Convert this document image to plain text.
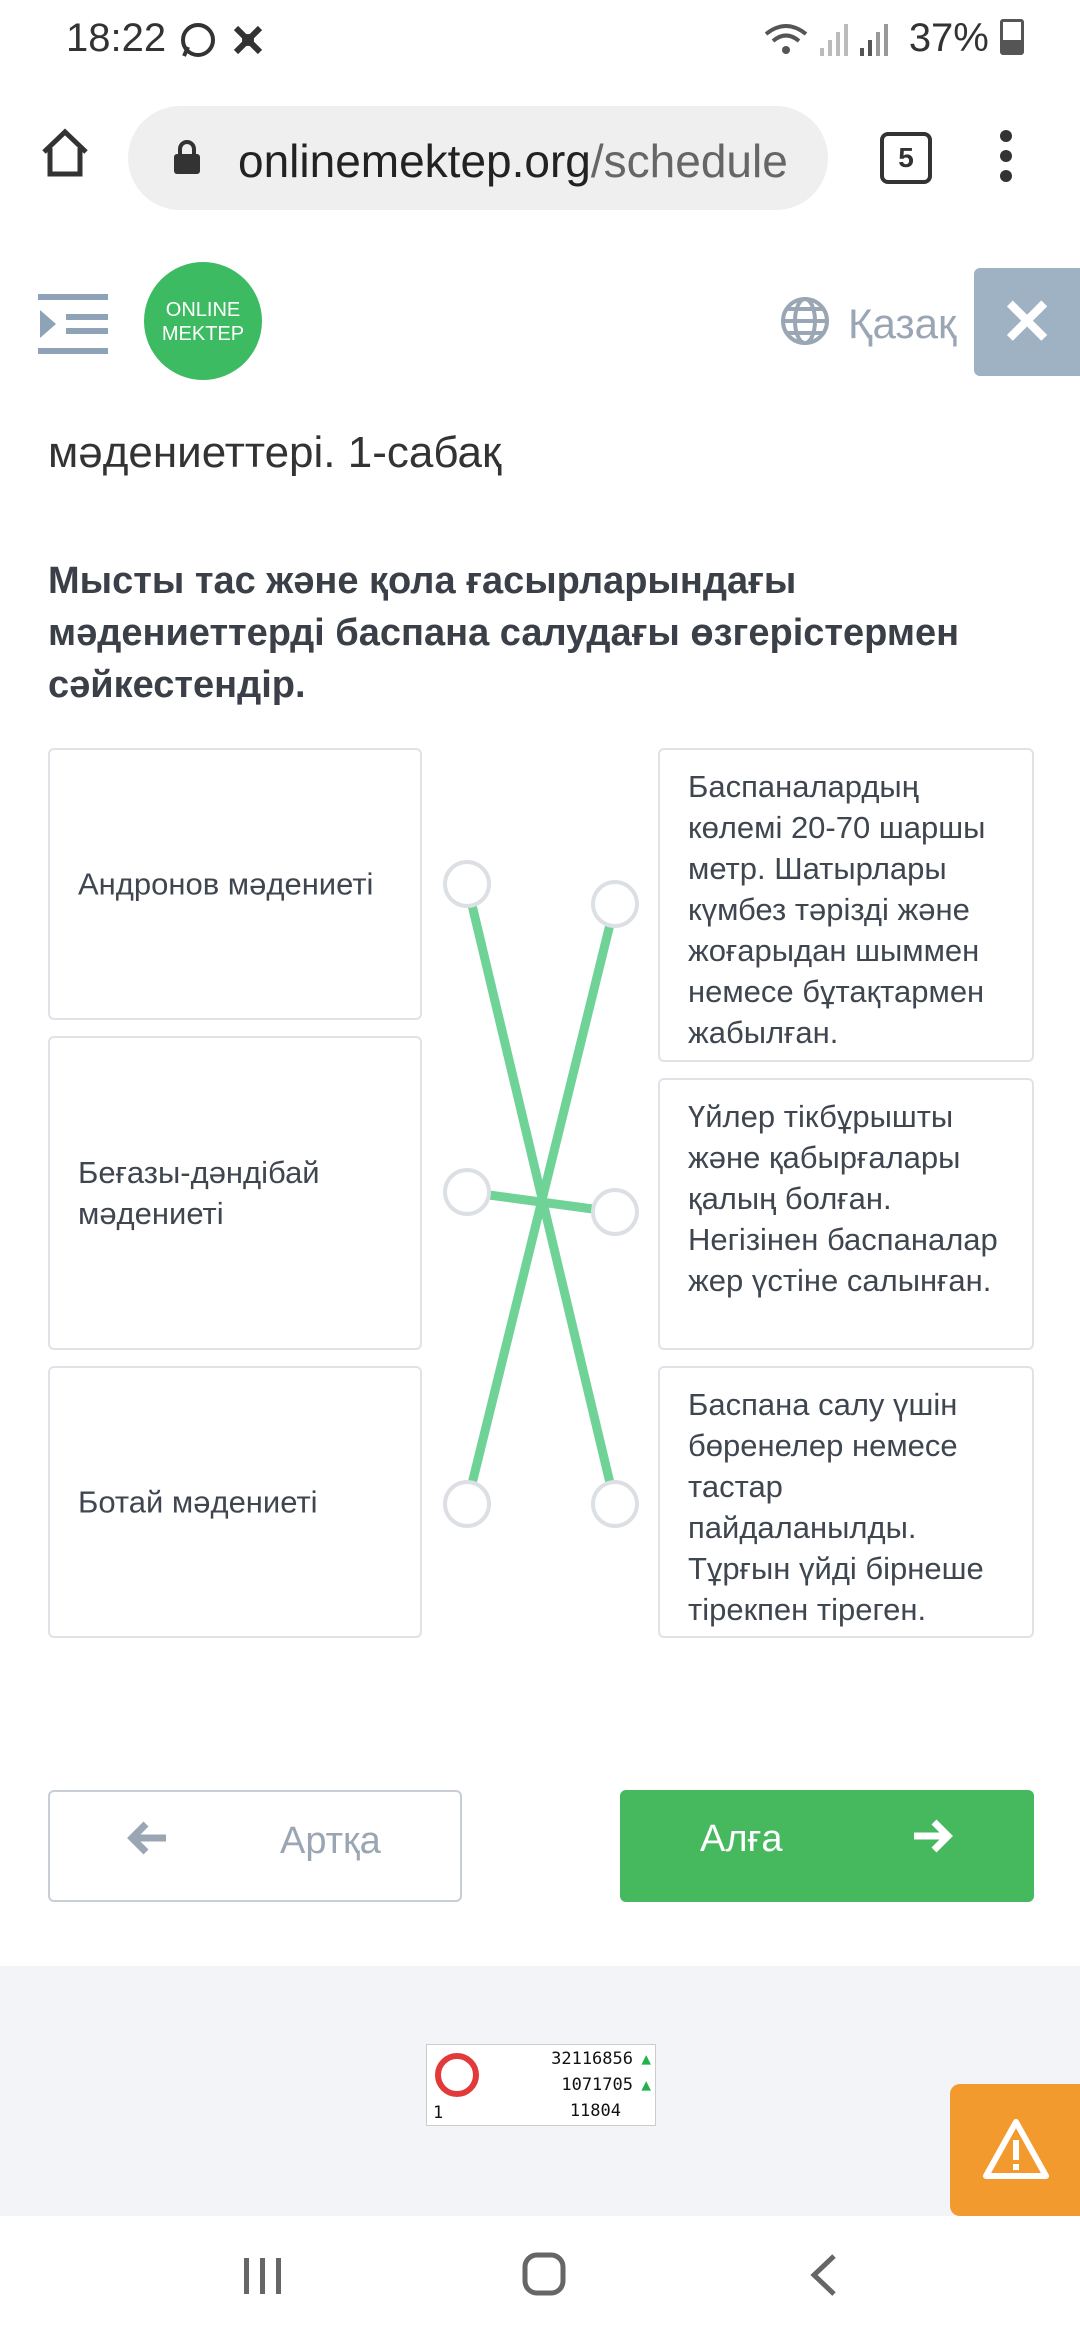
18:22	37%
onlinemektep.org/schedule	5
мәдениеттері. 1-сабақ
ONLINE
MEKTEP	Қазақ ✕
Мысты тас және қола ғасырларындағы мәдениеттерді баспана салудағы өзгерістермен сәйкестендір.
Андронов мәдениеті
Беғазы-дәндібай мәдениеті
Ботай мәдениеті
Баспаналардың көлемі 20-70 шаршы метр. Шатырлары күмбез тәрізді және жоғарыдан шыммен немесе бұтақтармен жабылған.
Үйлер тікбұрышты және қабырғалары қалың болған. Негізінен баспаналар жер үстіне салынған.
Баспана салу үшін бөренелер немесе тастар пайдаланылды. Тұрғын үйді бірнеше тірекпен тіреген.
Артқа	Алға
1
32116856 ▲
1071705 ▲
11804
